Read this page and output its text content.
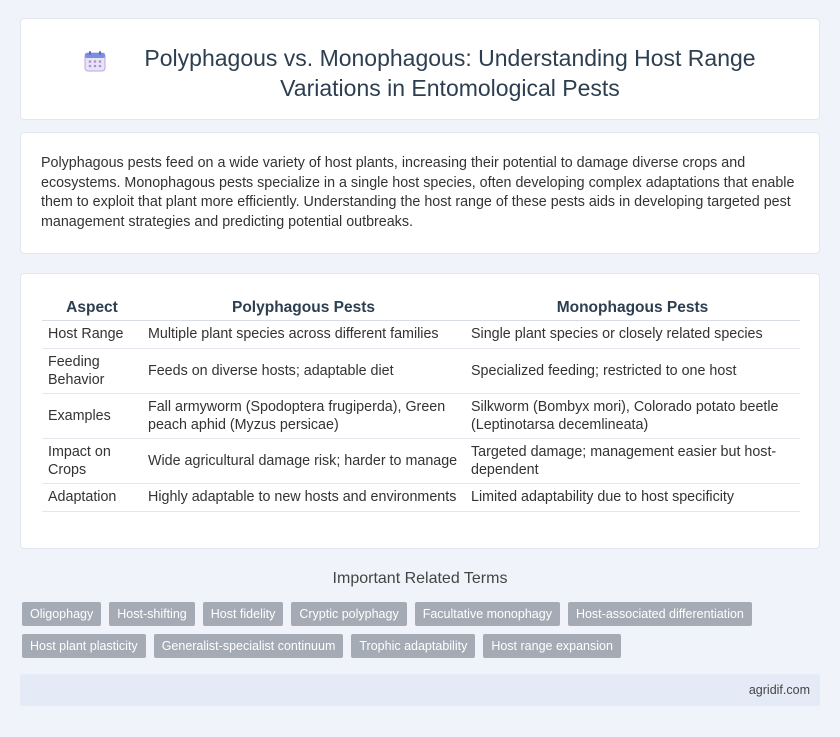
Polyphagous vs. Monophagous: Understanding Host Range Variations in Entomological Pests

Polyphagous pests feed on a wide variety of host plants, increasing their potential to damage diverse crops and ecosystems. Monophagous pests specialize in a single host species, often developing complex adaptations that enable them to exploit that plant more efficiently. Understanding the host range of these pests aids in developing targeted pest management strategies and predicting potential outbreaks.

Aspect	Polyphagous Pests	Monophagous Pests
Host Range	Multiple plant species across different families	Single plant species or closely related species
Feeding Behavior	Feeds on diverse hosts; adaptable diet	Specialized feeding; restricted to one host
Examples	Fall armyworm (Spodoptera frugiperda), Green peach aphid (Myzus persicae)	Silkworm (Bombyx mori), Colorado potato beetle (Leptinotarsa decemlineata)
Impact on Crops	Wide agricultural damage risk; harder to manage	Targeted damage; management easier but host-dependent
Adaptation	Highly adaptable to new hosts and environments	Limited adaptability due to host specificity
Important Related Terms
Oligophagy	Host-shifting	Host fidelity	Cryptic polyphagy	Facultative monophagy	Host-associated differentiation
Host plant plasticity	Generalist-specialist continuum	Trophic adaptability	Host range expansion
agridif.com
